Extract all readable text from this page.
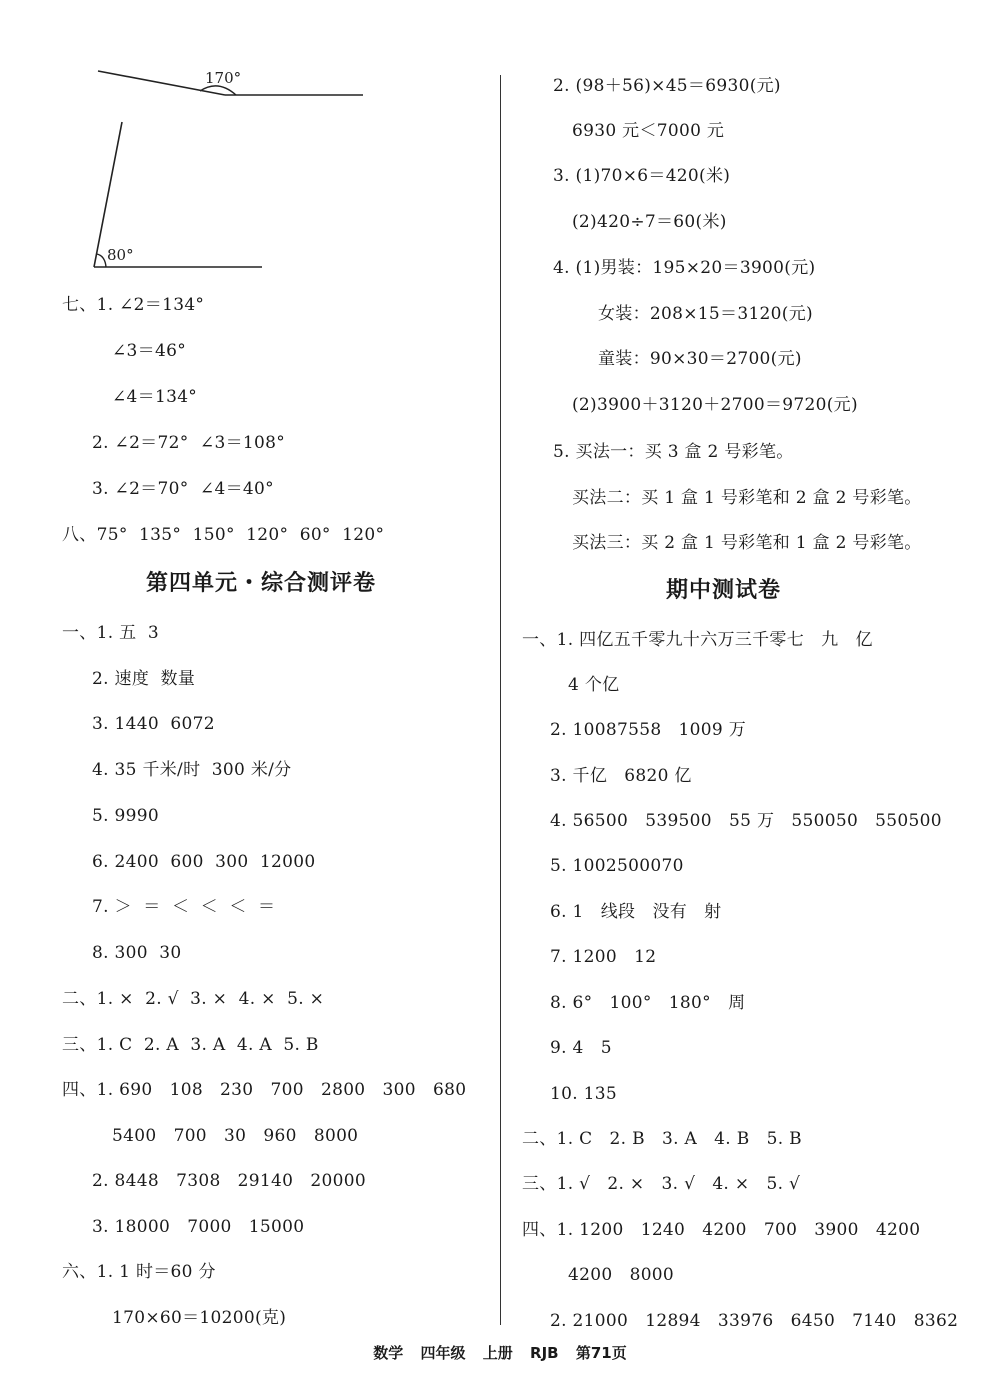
170°
80°
七、1. ∠2＝134°
∠3＝46°
∠4＝134°
2. ∠2＝72°  ∠3＝108°
3. ∠2＝70°  ∠4＝40°
八、75°  135°  150°  120°  60°  120°
第四单元・综合测评卷
一、1. 五  3
2. 速度  数量
3. 1440  6072
4. 35 千米/时  300 米/分
5. 9990
6. 2400  600  300  12000
7. ＞  ＝  ＜  ＜  ＜  ＝
8. 300  30
二、1. ×  2. √  3. ×  4. ×  5. ×
三、1. C  2. A  3. A  4. A  5. B
四、1. 690   108   230   700   2800   300   680
5400   700   30   960   8000
2. 8448   7308   29140   20000
3. 18000   7000   15000
六、1. 1 时＝60 分
170×60＝10200(克)
2. (98＋56)×45＝6930(元)
6930 元＜7000 元
3. (1)70×6＝420(米)
(2)420÷7＝60(米)
4. (1)男装：195×20＝3900(元)
女装：208×15＝3120(元)
童装：90×30＝2700(元)
(2)3900＋3120＋2700＝9720(元)
5. 买法一：买 3 盒 2 号彩笔。
买法二：买 1 盒 1 号彩笔和 2 盒 2 号彩笔。
买法三：买 2 盒 1 号彩笔和 1 盒 2 号彩笔。
期中测试卷
一、1. 四亿五千零九十六万三千零七   九   亿
4 个亿
2. 10087558   1009 万
3. 千亿   6820 亿
4. 56500   539500   55 万   550050   550500
5. 1002500070
6. 1   线段   没有   射
7. 1200   12
8. 6°   100°   180°   周
9. 4   5
10. 135
二、1. C   2. B   3. A   4. B   5. B
三、1. √   2. ×   3. √   4. ×   5. √
四、1. 1200   1240   4200   700   3900   4200
4200   8000
2. 21000   12894   33976   6450   7140   8362
数学 四年级 上册 RJB 第71页
